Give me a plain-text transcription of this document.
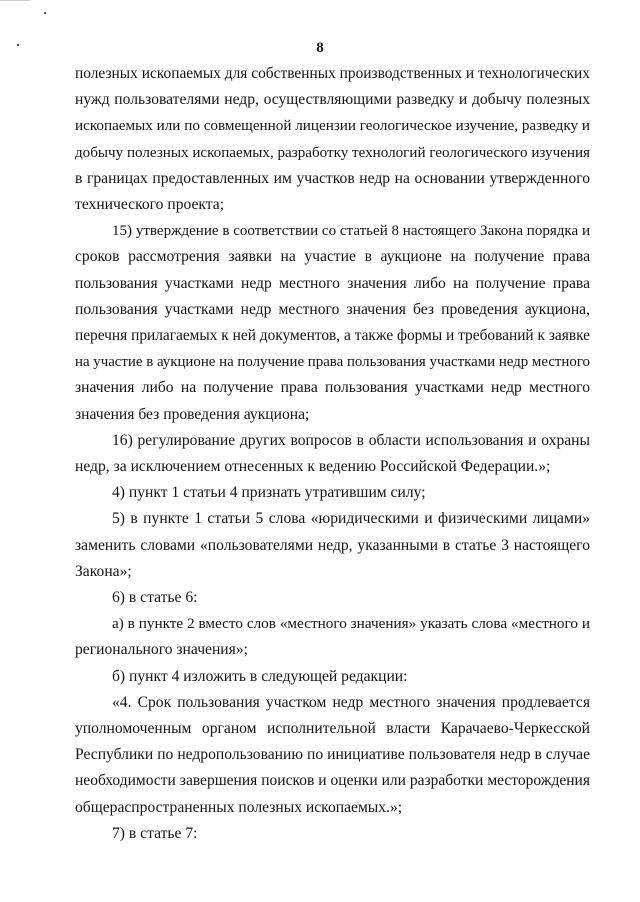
8

полезных ископаемых для собственных производственных и технологических
нужд пользователями недр, осуществляющими разведку и добычу полезных
ископаемых или по совмещенной лицензии геологическое изучение, разведку и
добычу полезных ископаемых, разработку технологий геологического изучения
в границах предоставленных им участков недр на основании утвержденного
технического проекта;

15) утверждение в соответствии со статьей 8 настоящего Закона порядка и
сроков рассмотрения заявки на участие в аукционе на получение права
пользования участками недр местного значения либо на получение права
пользования участками недр местного значения без проведения аукциона,
перечня прилагаемых к ней документов, а также формы и требований к заявке
на участие в аукционе на получение права пользования участками недр местного
значения либо на получение права пользования участками недр местного
значения без проведения аукциона;

16) регулирование других вопросов в области использования и охраны
недр, за исключением отнесенных к ведению Российской Федерации.»;

4) пункт 1 статьи 4 признать утратившим силу;

5) в пункте 1 статьи 5 слова «юридическими и физическими лицами»
заменить словами «пользователями недр, указанными в статье 3 настоящего
Закона»;

6) в статье 6:

а) в пункте 2 вместо слов «местного значения» указать слова «местного и
регионального значения»;

б) пункт 4 изложить в следующей редакции:

«4. Срок пользования участком недр местного значения продлевается
уполномоченным органом исполнительной власти Карачаево-Черкесской
Республики по недропользованию по инициативе пользователя недр в случае
необходимости завершения поисков и оценки или разработки месторождения
общераспространенных полезных ископаемых.»;

7) в статье 7:
